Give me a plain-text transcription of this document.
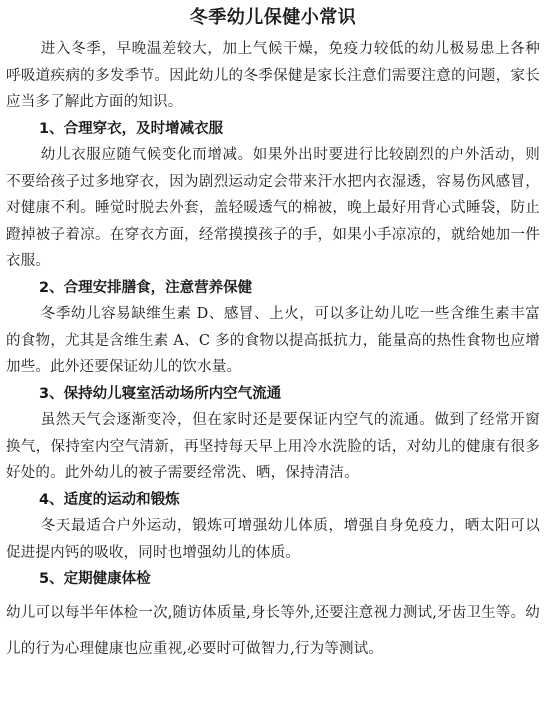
冬季幼儿保健小常识

进入冬季，早晚温差较大，加上气候干燥，免疫力较低的幼儿极易患上各种呼吸道疾病的多发季节。因此幼儿的冬季保健是家长注意们需要注意的问题，家长应当多了解此方面的知识。

1、合理穿衣，及时增减衣服

幼儿衣服应随气候变化而增减。如果外出时要进行比较剧烈的户外活动，则不要给孩子过多地穿衣，因为剧烈运动定会带来汗水把内衣湿透，容易伤风感冒，对健康不利。睡觉时脱去外套，盖轻暖透气的棉被，晚上最好用背心式睡袋，防止蹬掉被子着凉。在穿衣方面，经常摸摸孩子的手，如果小手凉凉的，就给她加一件衣服。

2、合理安排膳食，注意营养保健

冬季幼儿容易缺维生素 D、感冒、上火，可以多让幼儿吃一些含维生素丰富的食物，尤其是含维生素 A、C 多的食物以提高抵抗力，能量高的热性食物也应增加些。此外还要保证幼儿的饮水量。

3、保持幼儿寝室活动场所内空气流通

虽然天气会逐渐变冷，但在家时还是要保证内空气的流通。做到了经常开窗换气，保持室内空气清新，再坚持每天早上用冷水洗脸的话，对幼儿的健康有很多好处的。此外幼儿的被子需要经常洗、晒，保持清洁。

4、适度的运动和锻炼

冬天最适合户外运动，锻炼可增强幼儿体质，增强自身免疫力，晒太阳可以促进提内钙的吸收，同时也增强幼儿的体质。

5、定期健康体检

幼儿可以每半年体检一次,随访体质量,身长等外,还要注意视力测试,牙齿卫生等。幼儿的行为心理健康也应重视,必要时可做智力,行为等测试。
